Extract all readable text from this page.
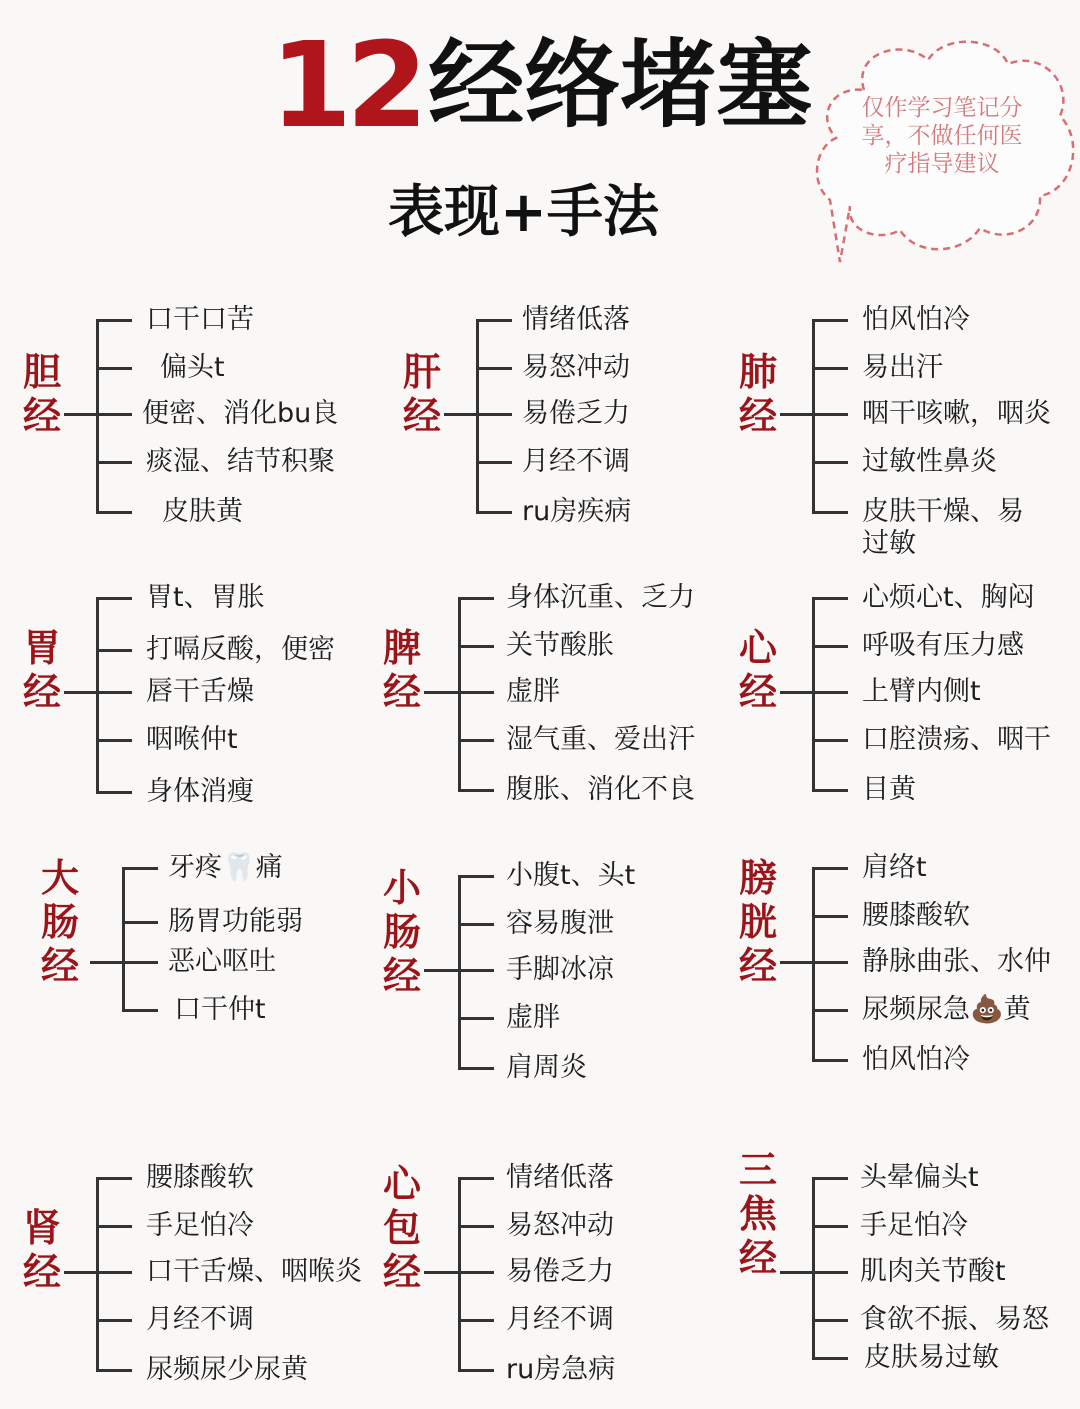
12 经络堵塞
表现+手法
仅作学习笔记分享，不做任何医疗指导建议
胆经
口干口苦
偏头t
便密、消化bu良
痰湿、结节积聚
皮肤黄
肝经
情绪低落
易怒冲动
易倦乏力
月经不调
ru房疾病
肺经
怕风怕冷
易出汗
咽干咳嗽，咽炎
过敏性鼻炎
皮肤干燥、易过敏
胃经
胃t、胃胀
打嗝反酸，便密
唇干舌燥
咽喉仲t
身体消瘦
脾经
身体沉重、乏力
关节酸胀
虚胖
湿气重、爱出汗
腹胀、消化不良
心经
心烦心t、胸闷
呼吸有压力感
上臂内侧t
口腔溃疡、咽干
目黄
大肠经
牙疼🦷痛
肠胃功能弱
恶心呕吐
口干仲t
小肠经
小腹t、头t
容易腹泄
手脚冰凉
虚胖
肩周炎
膀胱经
肩络t
腰膝酸软
静脉曲张、水仲
尿频尿急💩黄
怕风怕冷
肾经
腰膝酸软
手足怕冷
口干舌燥、咽喉炎
月经不调
尿频尿少尿黄
心包经
情绪低落
易怒冲动
易倦乏力
月经不调
ru房急病
三焦经
头晕偏头t
手足怕冷
肌肉关节酸t
食欲不振、易怒
皮肤易过敏
